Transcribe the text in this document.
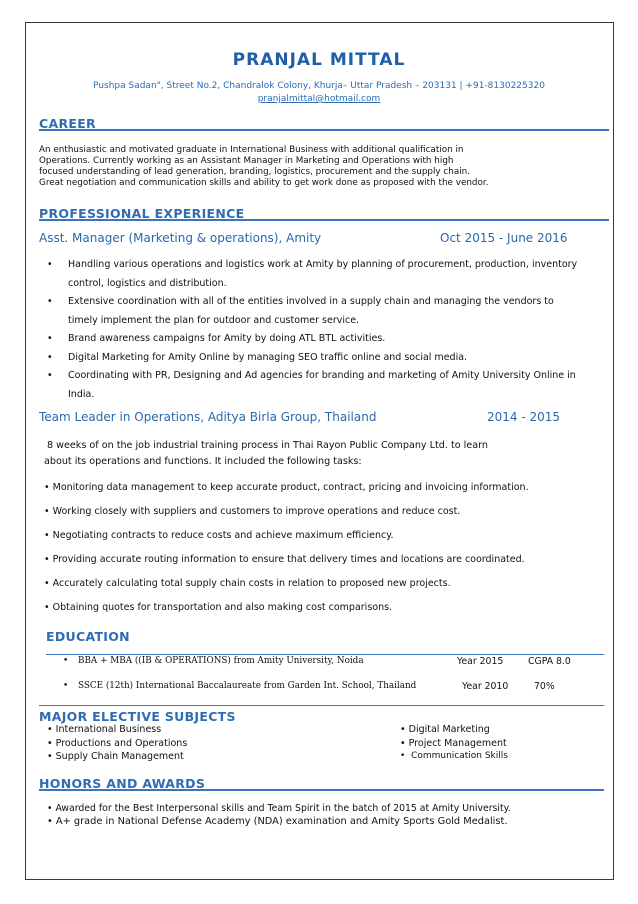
PRANJAL MITTAL
Pushpa Sadan", Street No.2, Chandralok Colony, Khurja– Uttar Pradesh – 203131 | +91-8130225320
pranjalmittal@hotmail.com
CAREER
An enthusiastic and motivated graduate in International Business with additional qualification in
Operations. Currently working as an Assistant Manager in Marketing and Operations with high
focused understanding of lead generation, branding, logistics, procurement and the supply chain.
Great negotiation and communication skills and ability to get work done as proposed with the vendor.
PROFESSIONAL EXPERIENCE
Asst. Manager (Marketing & operations), Amity	Oct 2015 - June 2016
• Handling various operations and logistics work at Amity by planning of procurement, production, inventory control, logistics and distribution.
• Extensive coordination with all of the entities involved in a supply chain and managing the vendors to timely implement the plan for outdoor and customer service.
• Brand awareness campaigns for Amity by doing ATL BTL activities.
• Digital Marketing for Amity Online by managing SEO traffic online and social media.
• Coordinating with PR, Designing and Ad agencies for branding and marketing of Amity University Online in India.
Team Leader in Operations, Aditya Birla Group, Thailand	2014 - 2015
8 weeks of on the job industrial training process in Thai Rayon Public Company Ltd. to learn
about its operations and functions. It included the following tasks:
• Monitoring data management to keep accurate product, contract, pricing and invoicing information.
• Working closely with suppliers and customers to improve operations and reduce cost.
• Negotiating contracts to reduce costs and achieve maximum efficiency.
• Providing accurate routing information to ensure that delivery times and locations are coordinated.
• Accurately calculating total supply chain costs in relation to proposed new projects.
• Obtaining quotes for transportation and also making cost comparisons.
EDUCATION
• BBA + MBA ((IB & OPERATIONS) from Amity University, Noida	Year 2015	CGPA 8.0
• SSCE (12th) International Baccalaureate from Garden Int. School, Thailand	Year 2010	70%
MAJOR ELECTIVE SUBJECTS
• International Business
• Productions and Operations
• Supply Chain Management
• Digital Marketing
• Project Management
• Communication Skills
HONORS AND AWARDS
• Awarded for the Best Interpersonal skills and Team Spirit in the batch of 2015 at Amity University.
• A+ grade in National Defense Academy (NDA) examination and Amity Sports Gold Medalist.
